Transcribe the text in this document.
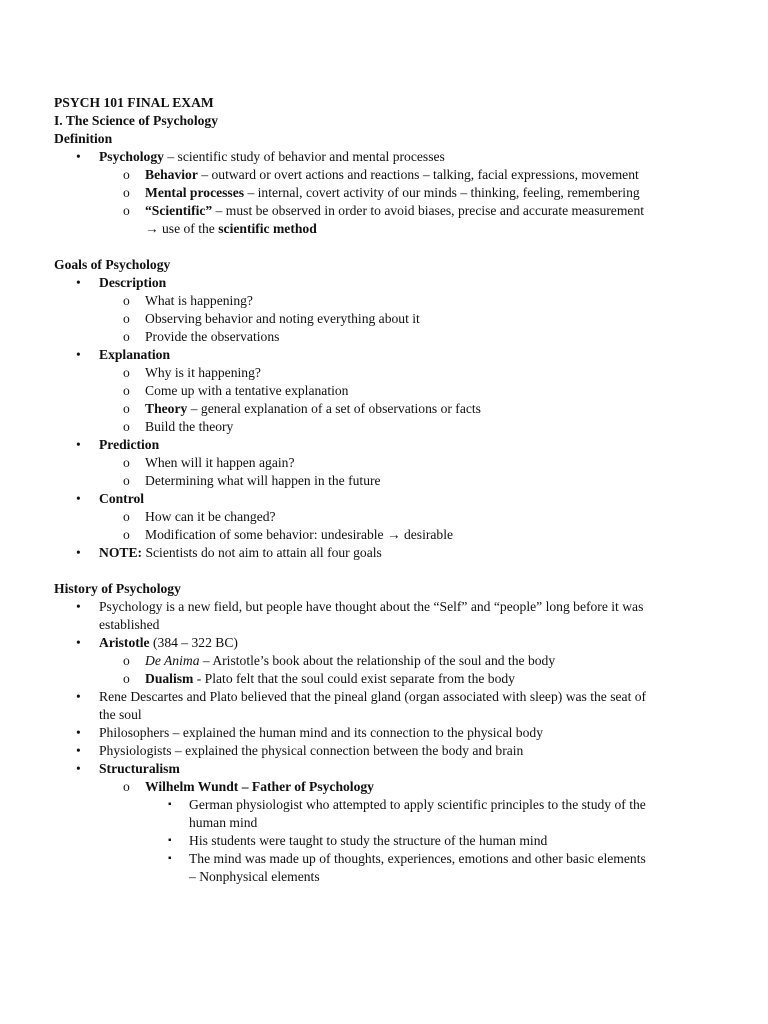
PSYCH 101 FINAL EXAM
I. The Science of Psychology
Definition
• Psychology – scientific study of behavior and mental processes
o Behavior – outward or overt actions and reactions – talking, facial expressions, movement
o Mental processes – internal, covert activity of our minds – thinking, feeling, remembering
o “Scientific” – must be observed in order to avoid biases, precise and accurate measurement → use of the scientific method
Goals of Psychology
• Description
o What is happening?
o Observing behavior and noting everything about it
o Provide the observations
• Explanation
o Why is it happening?
o Come up with a tentative explanation
o Theory – general explanation of a set of observations or facts
o Build the theory
• Prediction
o When will it happen again?
o Determining what will happen in the future
• Control
o How can it be changed?
o Modification of some behavior: undesirable → desirable
• NOTE: Scientists do not aim to attain all four goals
History of Psychology
• Psychology is a new field, but people have thought about the “Self” and “people” long before it was established
• Aristotle (384 – 322 BC)
o De Anima – Aristotle’s book about the relationship of the soul and the body
o Dualism - Plato felt that the soul could exist separate from the body
• Rene Descartes and Plato believed that the pineal gland (organ associated with sleep) was the seat of the soul
• Philosophers – explained the human mind and its connection to the physical body
• Physiologists – explained the physical connection between the body and brain
• Structuralism
o Wilhelm Wundt – Father of Psychology
▪ German physiologist who attempted to apply scientific principles to the study of the human mind
▪ His students were taught to study the structure of the human mind
▪ The mind was made up of thoughts, experiences, emotions and other basic elements – Nonphysical elements
